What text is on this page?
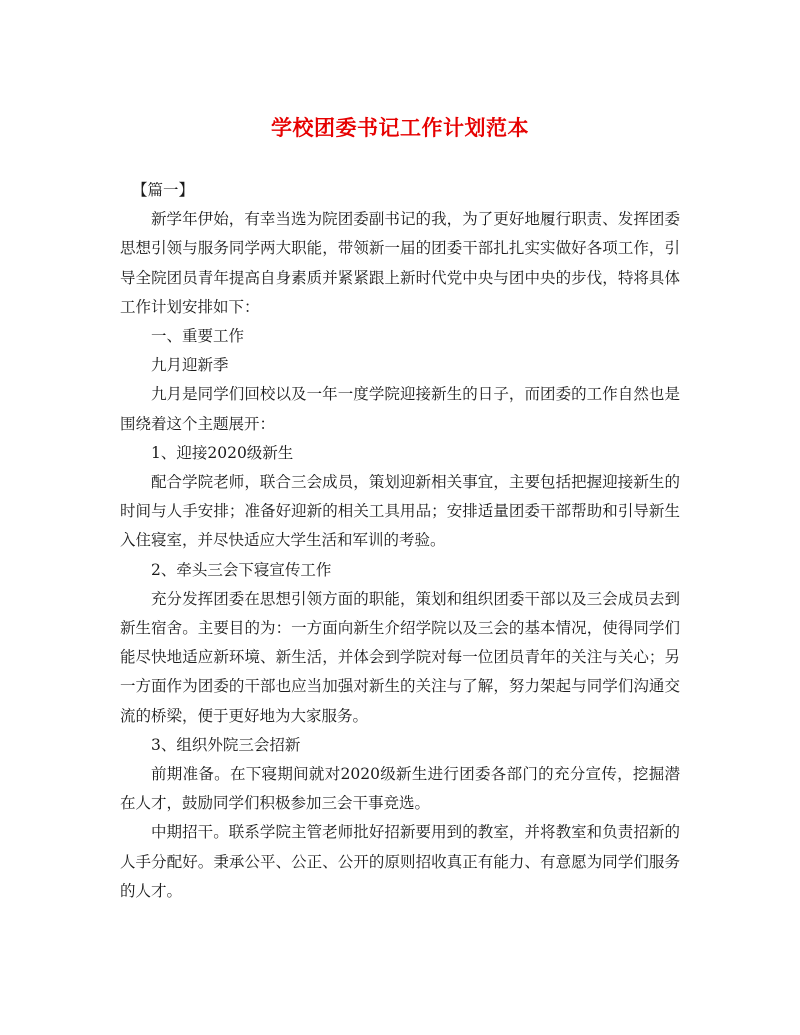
学校团委书记工作计划范本

【篇一】

新学年伊始，有幸当选为院团委副书记的我，为了更好地履行职责、发挥团委思想引领与服务同学两大职能，带领新一届的团委干部扎扎实实做好各项工作，引导全院团员青年提高自身素质并紧紧跟上新时代党中央与团中央的步伐，特将具体工作计划安排如下：

一、重要工作

九月迎新季

九月是同学们回校以及一年一度学院迎接新生的日子，而团委的工作自然也是围绕着这个主题展开：

1、迎接2020级新生

配合学院老师，联合三会成员，策划迎新相关事宜，主要包括把握迎接新生的时间与人手安排；准备好迎新的相关工具用品；安排适量团委干部帮助和引导新生入住寝室，并尽快适应大学生活和军训的考验。

2、牵头三会下寝宣传工作

充分发挥团委在思想引领方面的职能，策划和组织团委干部以及三会成员去到新生宿舍。主要目的为：一方面向新生介绍学院以及三会的基本情况，使得同学们能尽快地适应新环境、新生活，并体会到学院对每一位团员青年的关注与关心；另一方面作为团委的干部也应当加强对新生的关注与了解，努力架起与同学们沟通交流的桥梁，便于更好地为大家服务。

3、组织外院三会招新

前期准备。在下寝期间就对2020级新生进行团委各部门的充分宣传，挖掘潜在人才，鼓励同学们积极参加三会干事竞选。

中期招干。联系学院主管老师批好招新要用到的教室，并将教室和负责招新的人手分配好。秉承公平、公正、公开的原则招收真正有能力、有意愿为同学们服务的人才。
